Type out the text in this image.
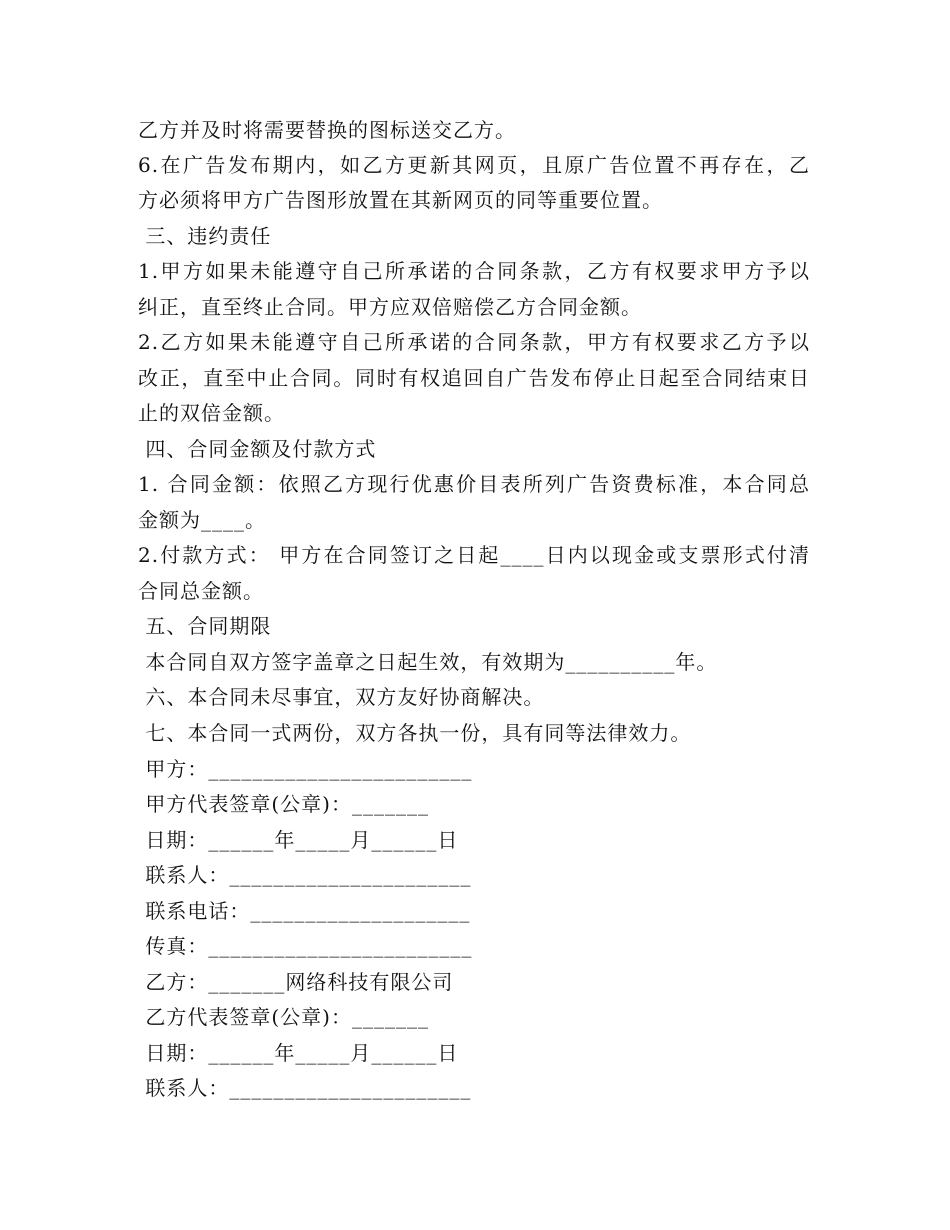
乙方并及时将需要替换的图标送交乙方。
6.在广告发布期内，如乙方更新其网页，且原广告位置不再存在，乙
方必须将甲方广告图形放置在其新网页的同等重要位置。
三、违约责任
1.甲方如果未能遵守自己所承诺的合同条款，乙方有权要求甲方予以
纠正，直至终止合同。甲方应双倍赔偿乙方合同金额。
2.乙方如果未能遵守自己所承诺的合同条款，甲方有权要求乙方予以
改正，直至中止合同。同时有权追回自广告发布停止日起至合同结束日
止的双倍金额。
四、合同金额及付款方式
1. 合同金额：依照乙方现行优惠价目表所列广告资费标准，本合同总
金额为____。
2.付款方式： 甲方在合同签订之日起____日内以现金或支票形式付清
合同总金额。
五、合同期限
本合同自双方签字盖章之日起生效，有效期为__________年。
六、本合同未尽事宜，双方友好协商解决。
七、本合同一式两份，双方各执一份，具有同等法律效力。
甲方：________________________
甲方代表签章(公章)：_______
日期：______年_____月______日
联系人：______________________
联系电话：____________________
传真：________________________
乙方：_______网络科技有限公司
乙方代表签章(公章)：_______
日期：______年_____月______日
联系人：______________________
